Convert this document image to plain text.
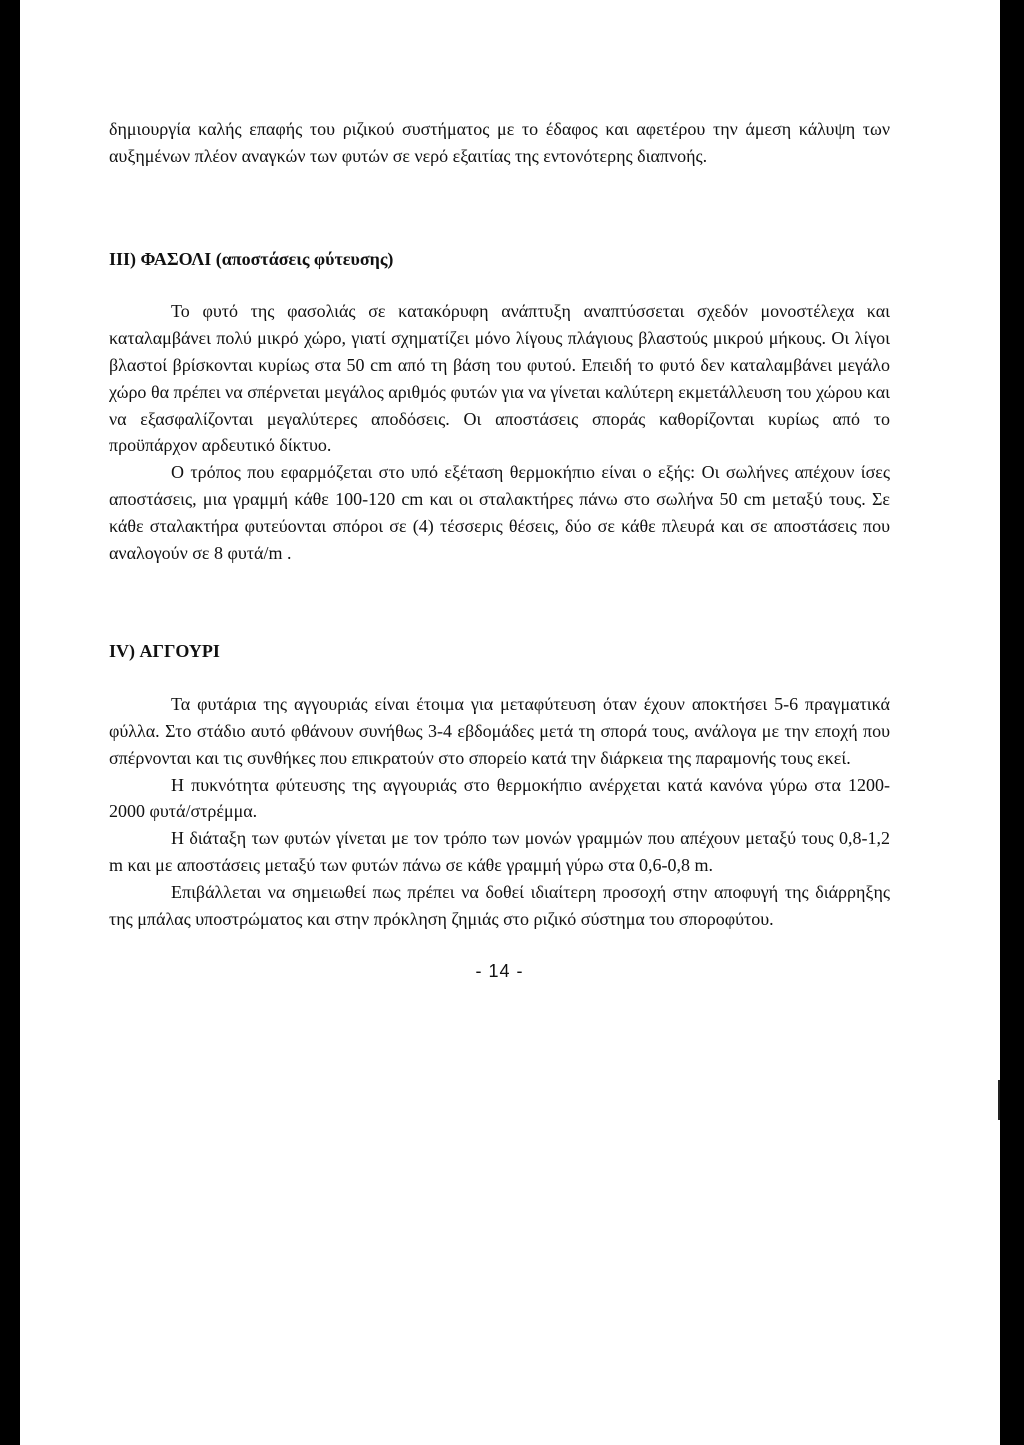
δημιουργία καλής επαφής του ριζικού συστήματος με το έδαφος και αφετέρου την άμεση κάλυψη των αυξημένων πλέον αναγκών των φυτών σε νερό εξαιτίας της εντονότερης διαπνοής.

III) ΦΑΣΟΛΙ (αποστάσεις φύτευσης)

Το φυτό της φασολιάς σε κατακόρυφη ανάπτυξη αναπτύσσεται σχεδόν μονοστέλεχα και καταλαμβάνει πολύ μικρό χώρο, γιατί σχηματίζει μόνο λίγους πλάγιους βλαστούς μικρού μήκους. Οι λίγοι βλαστοί βρίσκονται κυρίως στα 50 cm από τη βάση του φυτού. Επειδή το φυτό δεν καταλαμβάνει μεγάλο χώρο θα πρέπει να σπέρνεται μεγάλος αριθμός φυτών για να γίνεται καλύτερη εκμετάλλευση του χώρου και να εξασφαλίζονται μεγαλύτερες αποδόσεις. Οι αποστάσεις σποράς καθορίζονται κυρίως από το προϋπάρχον αρδευτικό δίκτυο.

Ο τρόπος που εφαρμόζεται στο υπό εξέταση θερμοκήπιο είναι ο εξής: Οι σωλήνες απέχουν ίσες αποστάσεις, μια γραμμή κάθε 100-120 cm και οι σταλακτήρες πάνω στο σωλήνα 50 cm μεταξύ τους. Σε κάθε σταλακτήρα φυτεύονται σπόροι σε (4) τέσσερις θέσεις, δύο σε κάθε πλευρά και σε αποστάσεις που αναλογούν σε 8 φυτά/m .

IV) ΑΓΓΟΥΡΙ

Τα φυτάρια της αγγουριάς είναι έτοιμα για μεταφύτευση όταν έχουν αποκτήσει 5-6 πραγματικά φύλλα. Στο στάδιο αυτό φθάνουν συνήθως 3-4 εβδομάδες μετά τη σπορά τους, ανάλογα με την εποχή που σπέρνονται και τις συνθήκες που επικρατούν στο σπορείο κατά την διάρκεια της παραμονής τους εκεί.

Η πυκνότητα φύτευσης της αγγουριάς στο θερμοκήπιο ανέρχεται κατά κανόνα γύρω στα 1200-2000 φυτά/στρέμμα.

Η διάταξη των φυτών γίνεται με τον τρόπο των μονών γραμμών που απέχουν μεταξύ τους 0,8-1,2 m και με αποστάσεις μεταξύ των φυτών πάνω σε κάθε γραμμή γύρω στα 0,6-0,8 m.

Επιβάλλεται να σημειωθεί πως πρέπει να δοθεί ιδιαίτερη προσοχή στην αποφυγή της διάρρηξης της μπάλας υποστρώματος και στην πρόκληση ζημιάς στο ριζικό σύστημα του σποροφύτου.

- 14 -
